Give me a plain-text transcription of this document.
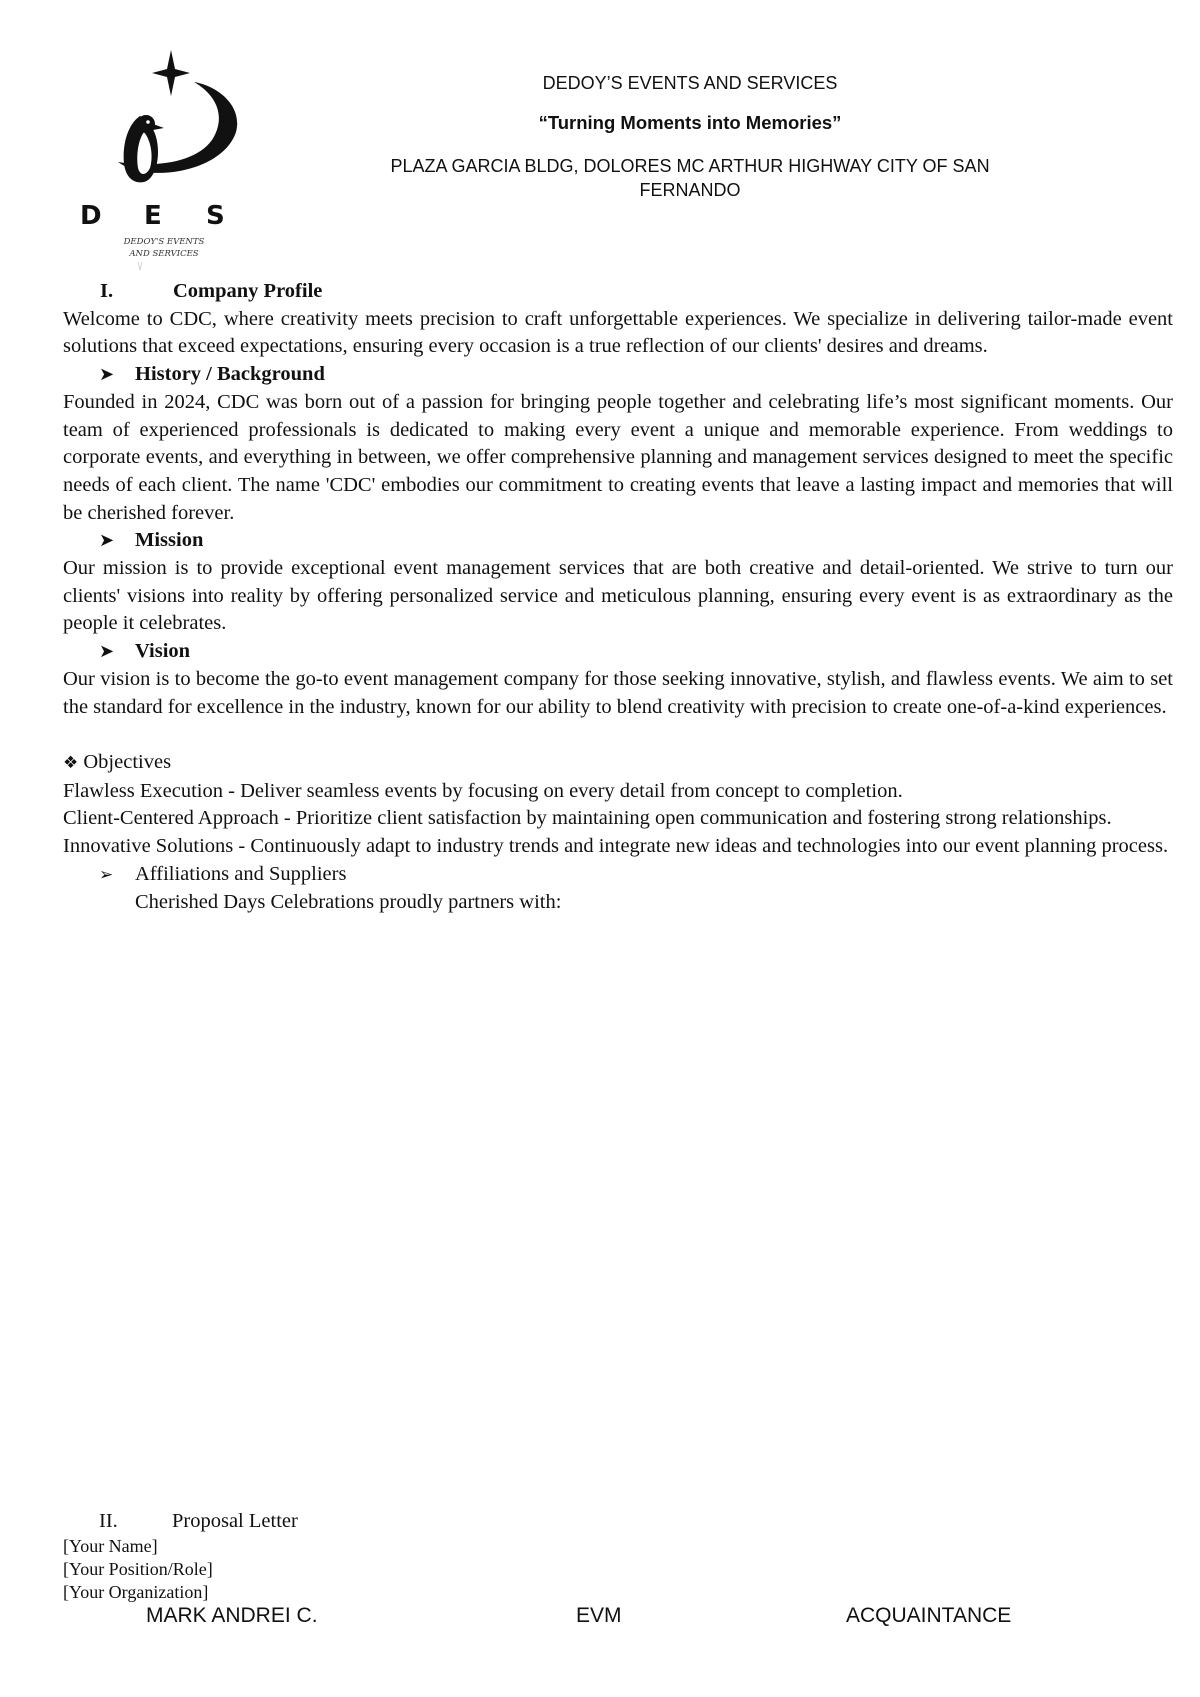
D E S
DEDOY'S EVENTS
AND SERVICES
DEDOY’S EVENTS AND SERVICES
“Turning Moments into Memories”
PLAZA GARCIA BLDG, DOLORES MC ARTHUR HIGHWAY CITY OF SAN FERNANDO
I.	Company Profile
Welcome to CDC, where creativity meets precision to craft unforgettable experiences. We specialize in delivering tailor-made event solutions that exceed expectations, ensuring every occasion is a true reflection of our clients' desires and dreams.
➤ History / Background
Founded in 2024, CDC was born out of a passion for bringing people together and celebrating life’s most significant moments. Our team of experienced professionals is dedicated to making every event a unique and memorable experience. From weddings to corporate events, and everything in between, we offer comprehensive planning and management services designed to meet the specific needs of each client. The name 'CDC' embodies our commitment to creating events that leave a lasting impact and memories that will be cherished forever.
➤ Mission
Our mission is to provide exceptional event management services that are both creative and detail-oriented. We strive to turn our clients' visions into reality by offering personalized service and meticulous planning, ensuring every event is as extraordinary as the people it celebrates.
➤ Vision
Our vision is to become the go-to event management company for those seeking innovative, stylish, and flawless events. We aim to set the standard for excellence in the industry, known for our ability to blend creativity with precision to create one-of-a-kind experiences.
❖ Objectives
Flawless Execution - Deliver seamless events by focusing on every detail from concept to completion.
Client-Centered Approach - Prioritize client satisfaction by maintaining open communication and fostering strong relationships.
Innovative Solutions - Continuously adapt to industry trends and integrate new ideas and technologies into our event planning process.
➢ Affiliations and Suppliers
Cherished Days Celebrations proudly partners with:
II.	Proposal Letter
[Your Name]
[Your Position/Role]
[Your Organization]
MARK ANDREI C.	EVM	ACQUAINTANCE
